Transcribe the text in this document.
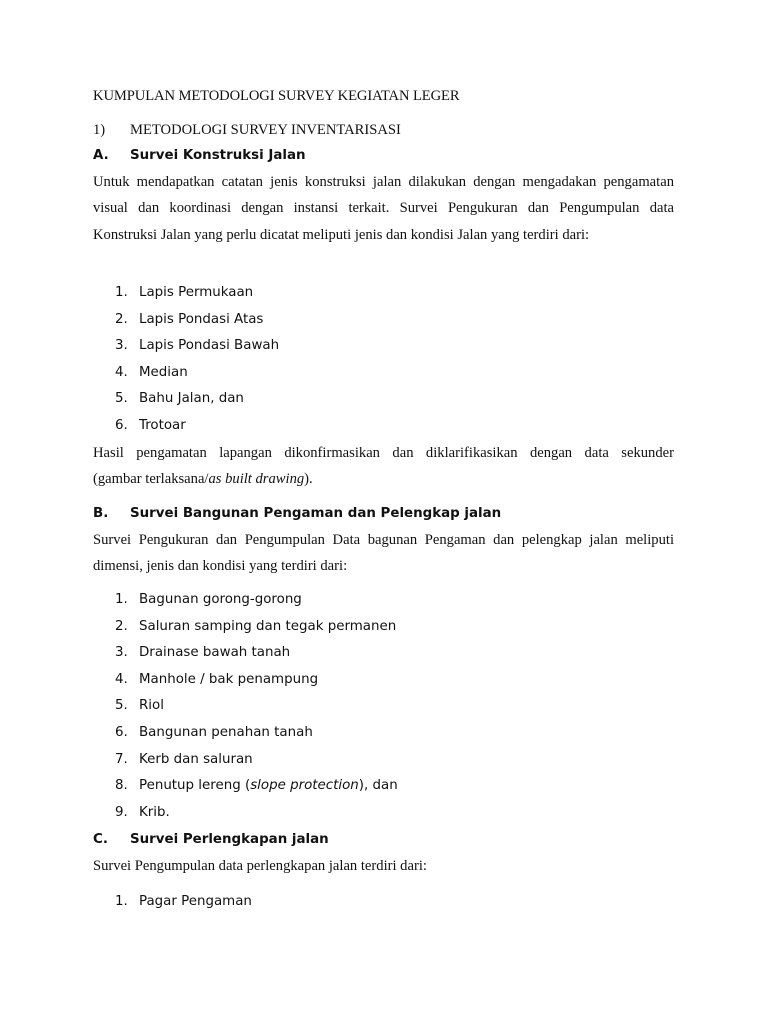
KUMPULAN METODOLOGI SURVEY KEGIATAN LEGER
1) METODOLOGI SURVEY INVENTARISASI
A. Survei Konstruksi Jalan
Untuk mendapatkan catatan jenis konstruksi jalan dilakukan dengan mengadakan pengamatan visual dan koordinasi dengan instansi terkait. Survei Pengukuran dan Pengumpulan data Konstruksi Jalan yang perlu dicatat meliputi jenis dan kondisi Jalan yang terdiri dari:
1. Lapis Permukaan
2. Lapis Pondasi Atas
3. Lapis Pondasi Bawah
4. Median
5. Bahu Jalan, dan
6. Trotoar
Hasil pengamatan lapangan dikonfirmasikan dan diklarifikasikan dengan data sekunder
(gambar terlaksana/as built drawing).
B. Survei Bangunan Pengaman dan Pelengkap jalan
Survei Pengukuran dan Pengumpulan Data bagunan Pengaman dan pelengkap jalan meliputi dimensi, jenis dan kondisi yang terdiri dari:
1. Bagunan gorong-gorong
2. Saluran samping dan tegak permanen
3. Drainase bawah tanah
4. Manhole / bak penampung
5. Riol
6. Bangunan penahan tanah
7. Kerb dan saluran
8. Penutup lereng (slope protection), dan
9. Krib.
C. Survei Perlengkapan jalan
Survei Pengumpulan data perlengkapan jalan terdiri dari:
1. Pagar Pengaman
